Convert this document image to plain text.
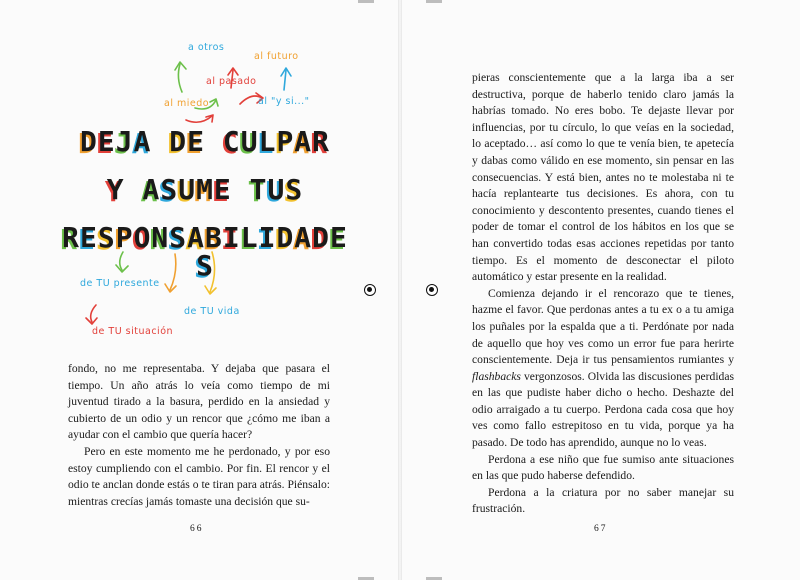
a otros
al futuro
al pasado
al miedo	al "y si..."
de TU presente
de TU vida
de TU situación
DEJA DE CULPAR
Y ASUME TUS
RESPONSABILIDADES

fondo, no me representaba. Y dejaba que pasara el tiempo. Un año atrás lo veía como tiempo de mi juventud tirado a la basura, perdido en la ansiedad y cubierto de un odio y un rencor que ¿cómo me iban a ayudar con el cambio que quería hacer?

Pero en este momento me he perdonado, y por eso estoy cumpliendo con el cambio. Por fin. El rencor y el odio te anclan donde estás o te tiran para atrás. Piénsalo: mientras crecías jamás tomaste una decisión que su-

66

pieras conscientemente que a la larga iba a ser destructiva, porque de haberlo tenido claro jamás la habrías tomado. No eres bobo. Te dejaste llevar por influencias, por tu círculo, lo que veías en la sociedad, lo aceptado… así como lo que te venía bien, te apetecía y dabas como válido en ese momento, sin pensar en las consecuencias. Y está bien, antes no te molestaba ni te hacía replantearte tus decisiones. Es ahora, con tu conocimiento y descontento presentes, cuando tienes el poder de tomar el control de los hábitos en los que se han convertido todas esas acciones repetidas por tanto tiempo. Es el momento de desconectar el piloto automático y estar presente en la realidad.

Comienza dejando ir el rencorazo que te tienes, hazme el favor. Que perdonas antes a tu ex o a tu amiga los puñales por la espalda que a ti. Perdónate por nada de aquello que hoy ves como un error fue para herirte conscientemente. Deja ir tus pensamientos rumiantes y flashbacks vergonzosos. Olvida las discusiones perdidas en las que pudiste haber dicho o hecho. Deshazte del odio arraigado a tu cuerpo. Perdona cada cosa que hoy ves como fallo estrepitoso en tu vida, porque ya ha pasado. De todo has aprendido, aunque no lo veas.

Perdona a ese niño que fue sumiso ante situaciones en las que pudo haberse defendido.

Perdona a la criatura por no saber manejar su frustración.

67
